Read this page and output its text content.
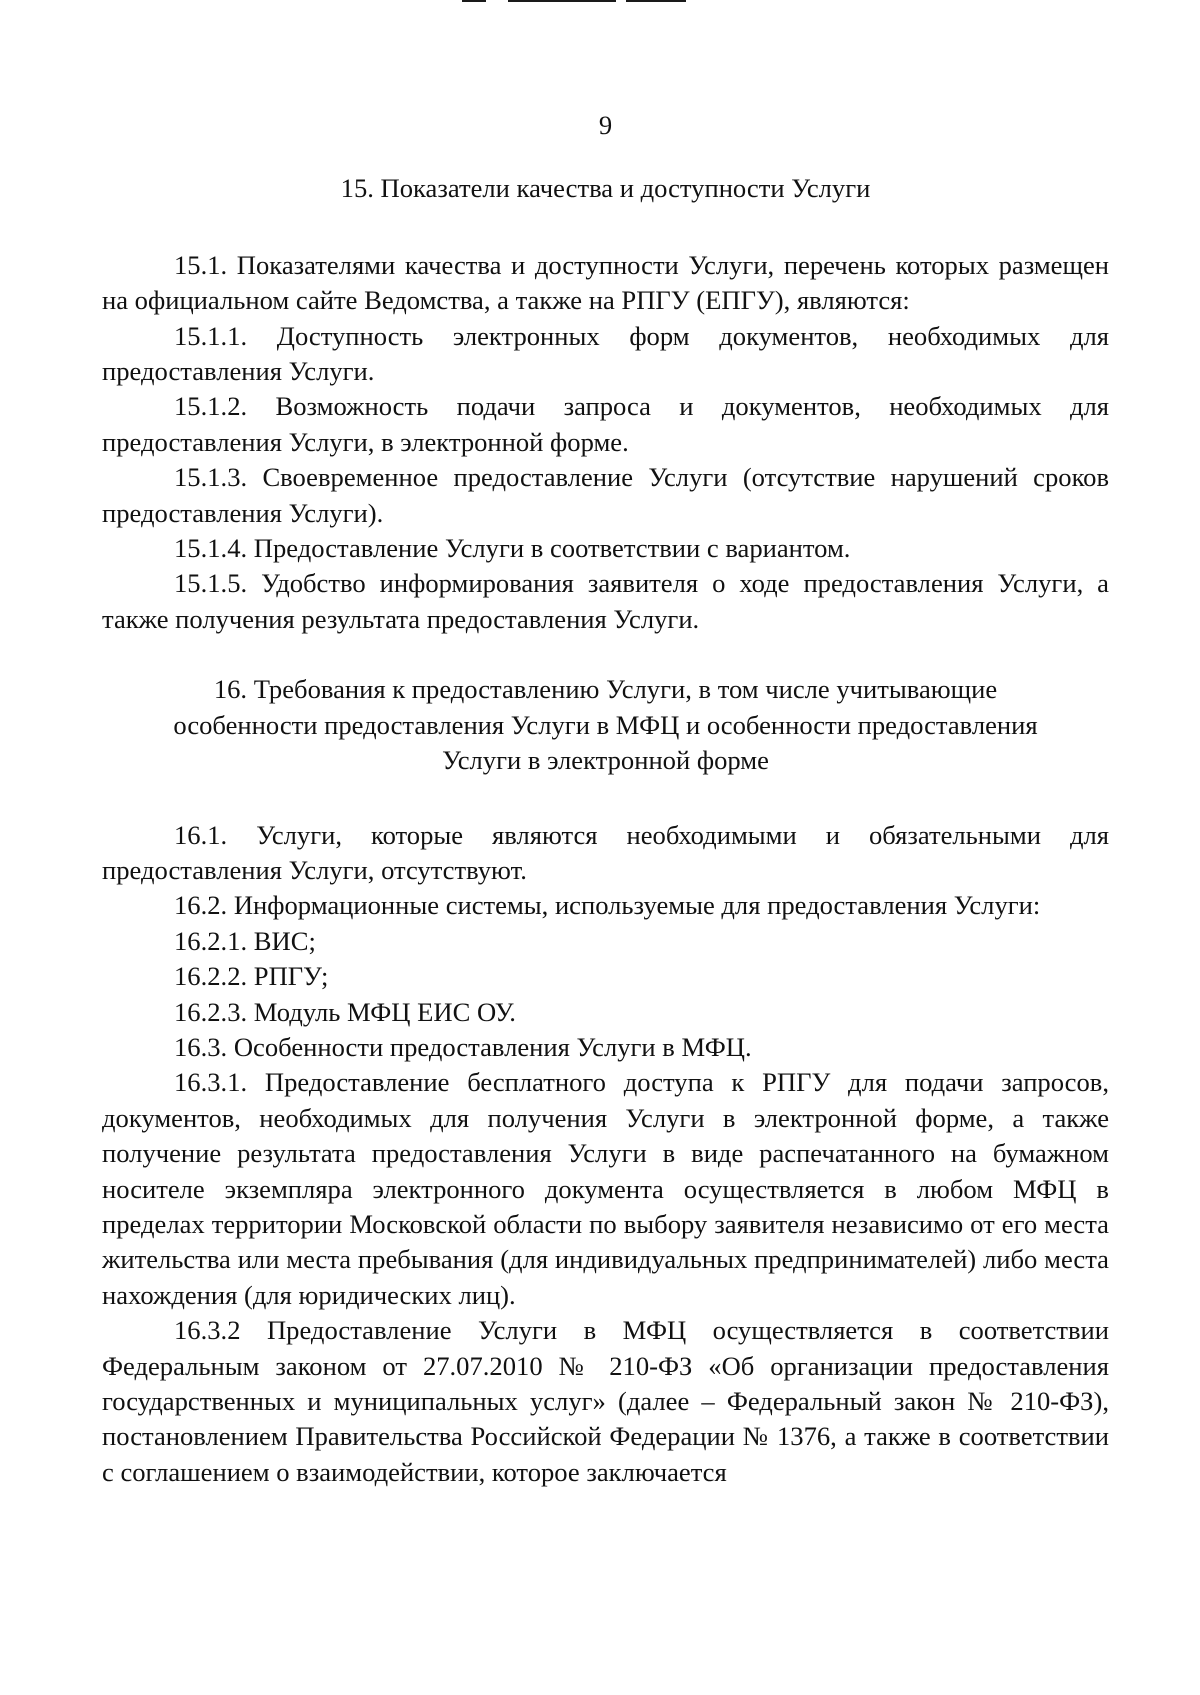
9
15. Показатели качества и доступности Услуги

15.1. Показателями качества и доступности Услуги, перечень которых размещен на официальном сайте Ведомства, а также на РПГУ (ЕПГУ), являются:

15.1.1. Доступность электронных форм документов, необходимых для предоставления Услуги.

15.1.2. Возможность подачи запроса и документов, необходимых для предоставления Услуги, в электронной форме.

15.1.3. Своевременное предоставление Услуги (отсутствие нарушений сроков предоставления Услуги).

15.1.4. Предоставление Услуги в соответствии с вариантом.

15.1.5. Удобство информирования заявителя о ходе предоставления Услуги, а также получения результата предоставления Услуги.

16. Требования к предоставлению Услуги, в том числе учитывающие
особенности предоставления Услуги в МФЦ и особенности предоставления
Услуги в электронной форме

16.1. Услуги, которые являются необходимыми и обязательными для предоставления Услуги, отсутствуют.

16.2. Информационные системы, используемые для предоставления Услуги:

16.2.1. ВИС;

16.2.2. РПГУ;

16.2.3. Модуль МФЦ ЕИС ОУ.

16.3. Особенности предоставления Услуги в МФЦ.

16.3.1. Предоставление бесплатного доступа к РПГУ для подачи запросов, документов, необходимых для получения Услуги в электронной форме, а также получение результата предоставления Услуги в виде распечатанного на бумажном носителе экземпляра электронного документа осуществляется в любом МФЦ в пределах территории Московской области по выбору заявителя независимо от его места жительства или места пребывания (для индивидуальных предпринимателей) либо места нахождения (для юридических лиц).

16.3.2 Предоставление Услуги в МФЦ осуществляется в соответствии Федеральным законом от 27.07.2010 № 210-ФЗ «Об организации предоставления государственных и муниципальных услуг» (далее – Федеральный закон № 210-ФЗ), постановлением Правительства Российской Федерации № 1376, а также в соответствии с соглашением о взаимодействии, которое заключается
